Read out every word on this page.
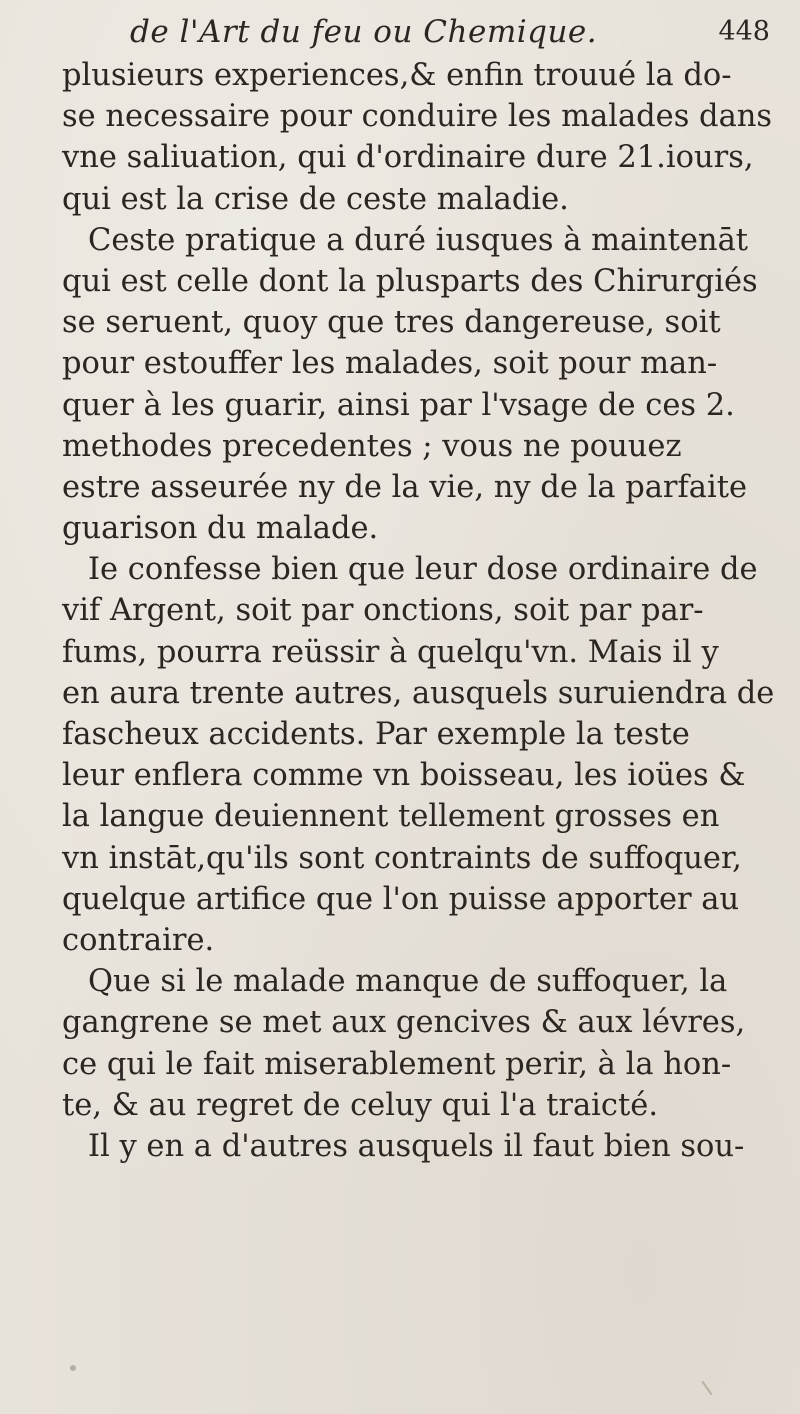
de l'Art du feu ou Chemique.	448
plusieurs experiences,& enfin trouué la do-
se necessaire pour conduire les malades dans
vne saliuation, qui d'ordinaire dure 21.iours,
qui est la crise de ceste maladie.
Ceste pratique a duré iusques à maintenāt
qui est celle dont la plusparts des Chirurgiés
se seruent, quoy que tres dangereuse, soit
pour estouffer les malades, soit pour man-
quer à les guarir, ainsi par l'vsage de ces 2.
methodes precedentes ; vous ne pouuez
estre asseurée ny de la vie, ny de la parfaite
guarison du malade.
Ie confesse bien que leur dose ordinaire de
vif Argent, soit par onctions, soit par par-
fums, pourra reüssir à quelqu'vn. Mais il y
en aura trente autres, ausquels suruiendra de
fascheux accidents. Par exemple la teste
leur enflera comme vn boisseau, les ioües &
la langue deuiennent tellement grosses en
vn instāt,qu'ils sont contraints de suffoquer,
quelque artifice que l'on puisse apporter au
contraire.
Que si le malade manque de suffoquer, la
gangrene se met aux gencives & aux lévres,
ce qui le fait miserablement perir, à la hon-
te, & au regret de celuy qui l'a traicté.
Il y en a d'autres ausquels il faut bien sou-
